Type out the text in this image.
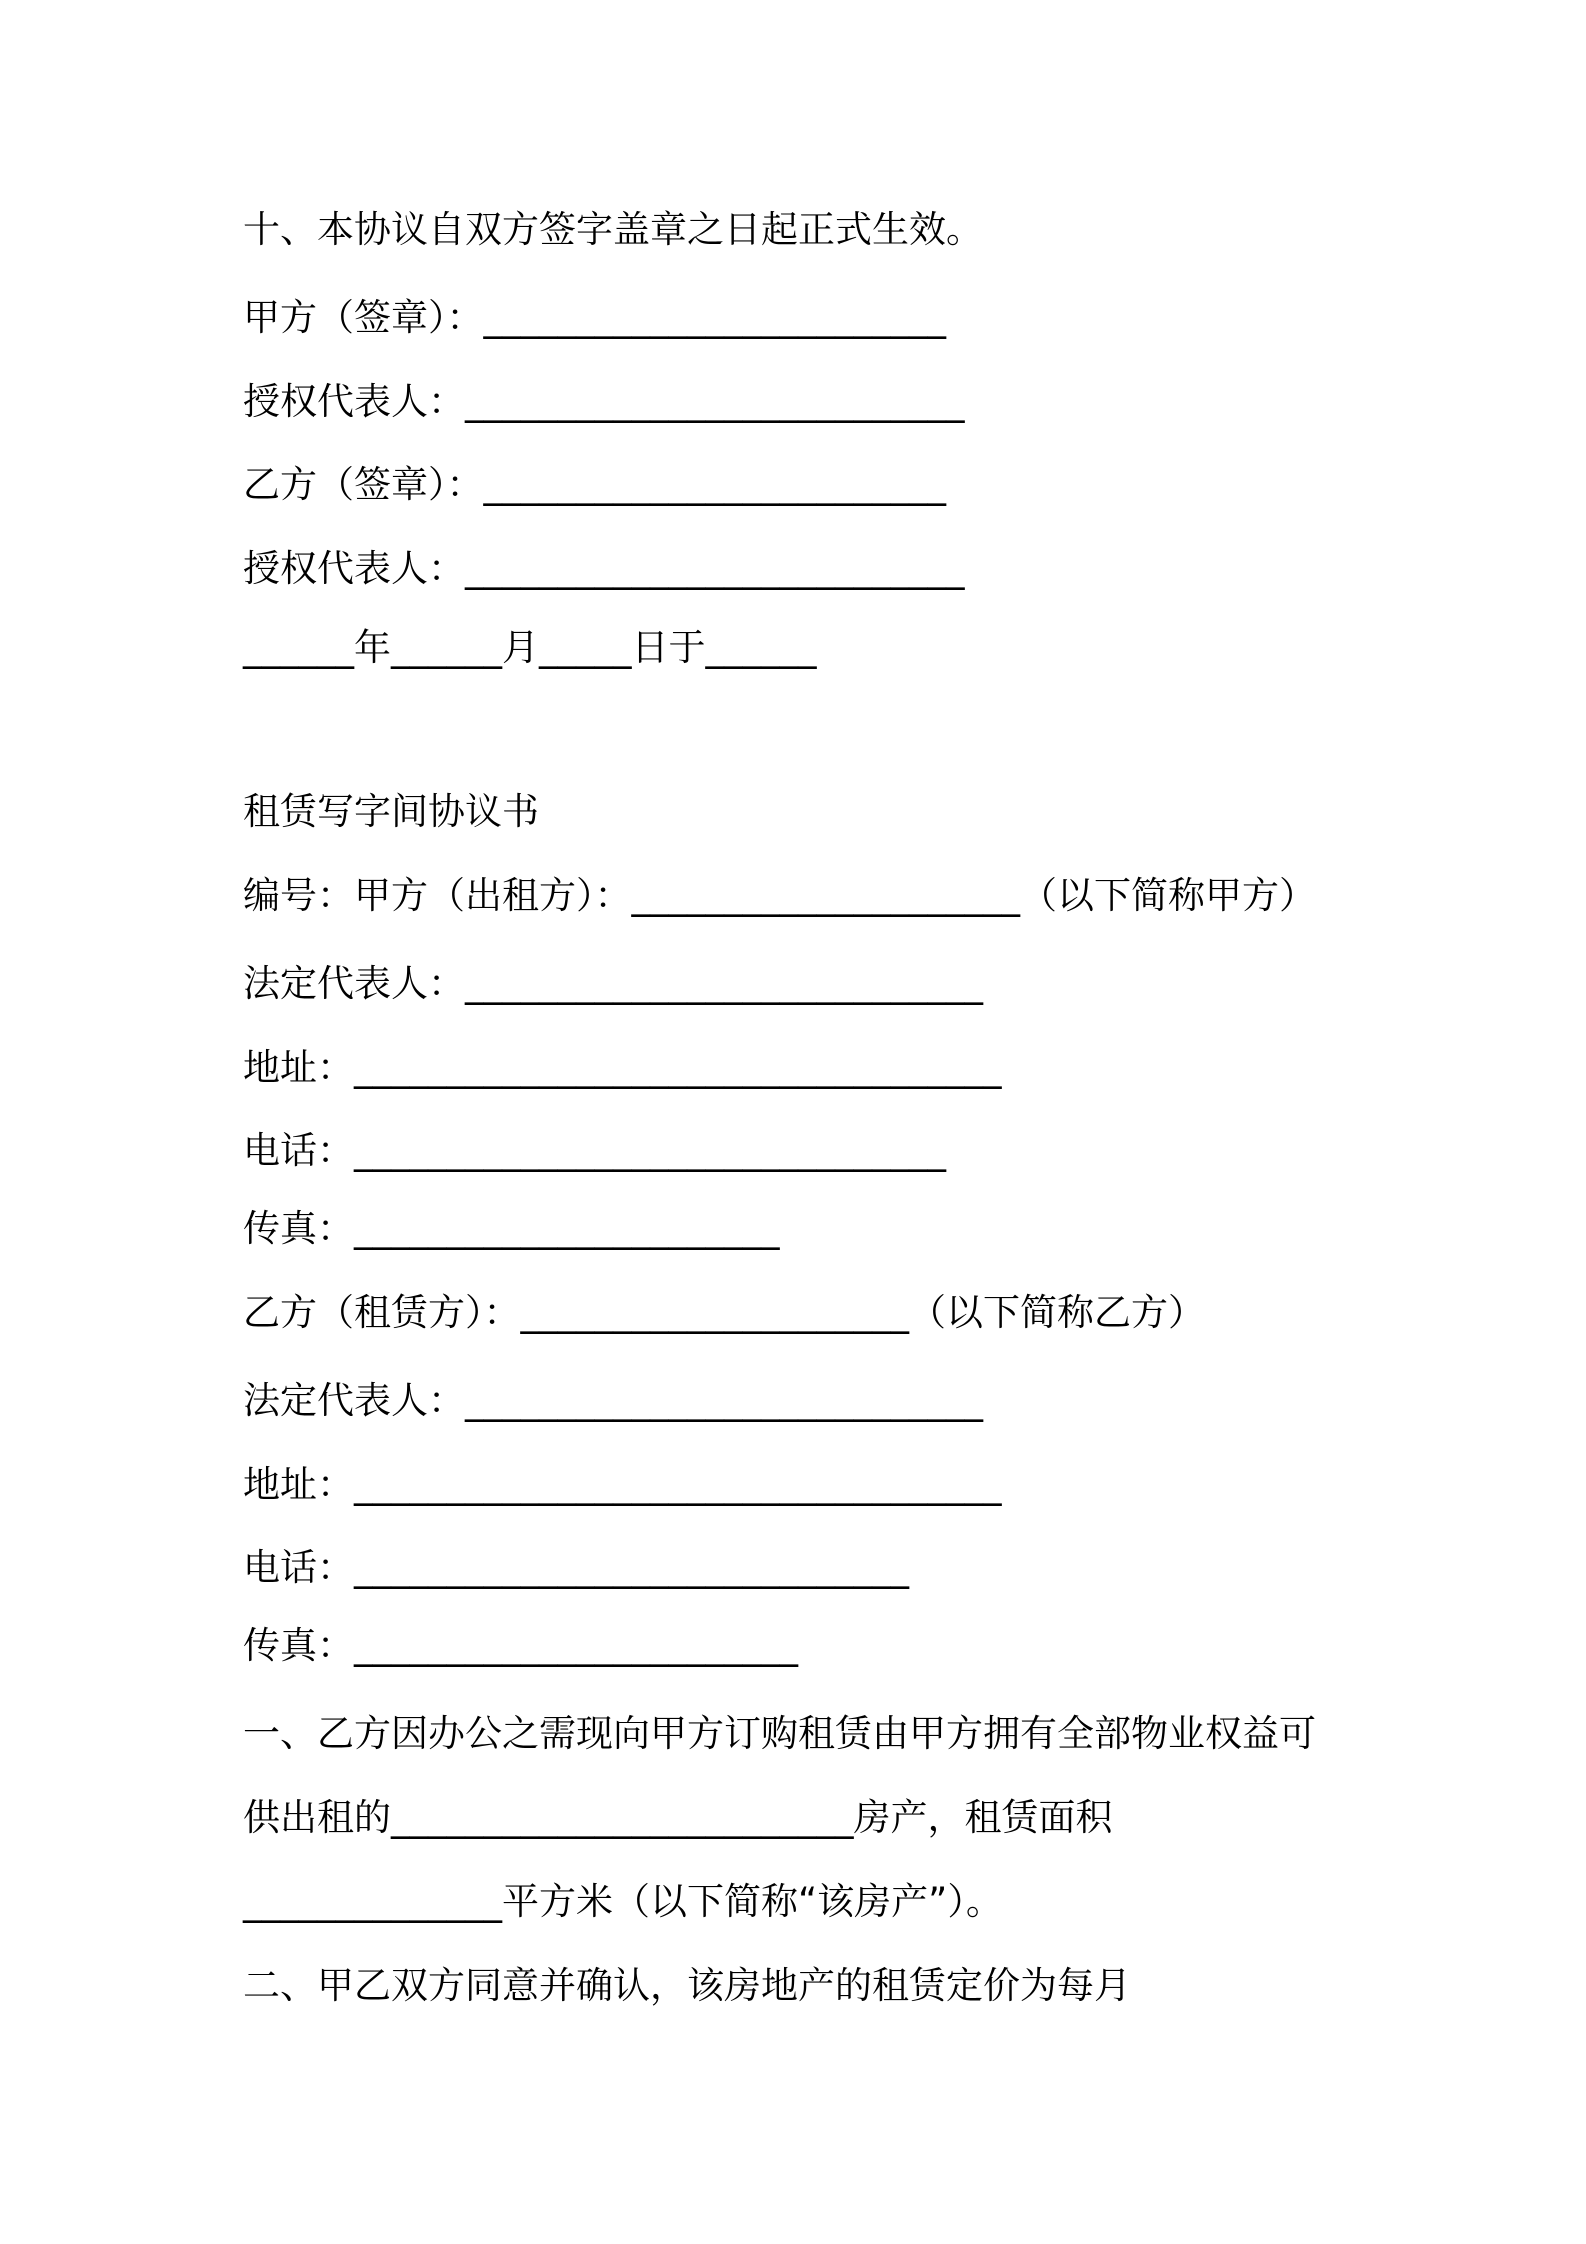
十、本协议自双方签字盖章之日起正式生效。
甲方（签章）：_________________________
授权代表人：___________________________
乙方（签章）：_________________________
授权代表人：___________________________
______年______月_____日于______
租赁写字间协议书
编号：甲方（出租方）：_____________________（以下简称甲方）
法定代表人：____________________________
地址：___________________________________
电话：________________________________
传真：_______________________
乙方（租赁方）：_____________________（以下简称乙方）
法定代表人：____________________________
地址：___________________________________
电话：______________________________
传真：________________________
一、乙方因办公之需现向甲方订购租赁由甲方拥有全部物业权益可
供出租的_________________________房产，租赁面积
______________平方米（以下简称“该房产”）。
二、甲乙双方同意并确认，该房地产的租赁定价为每月
